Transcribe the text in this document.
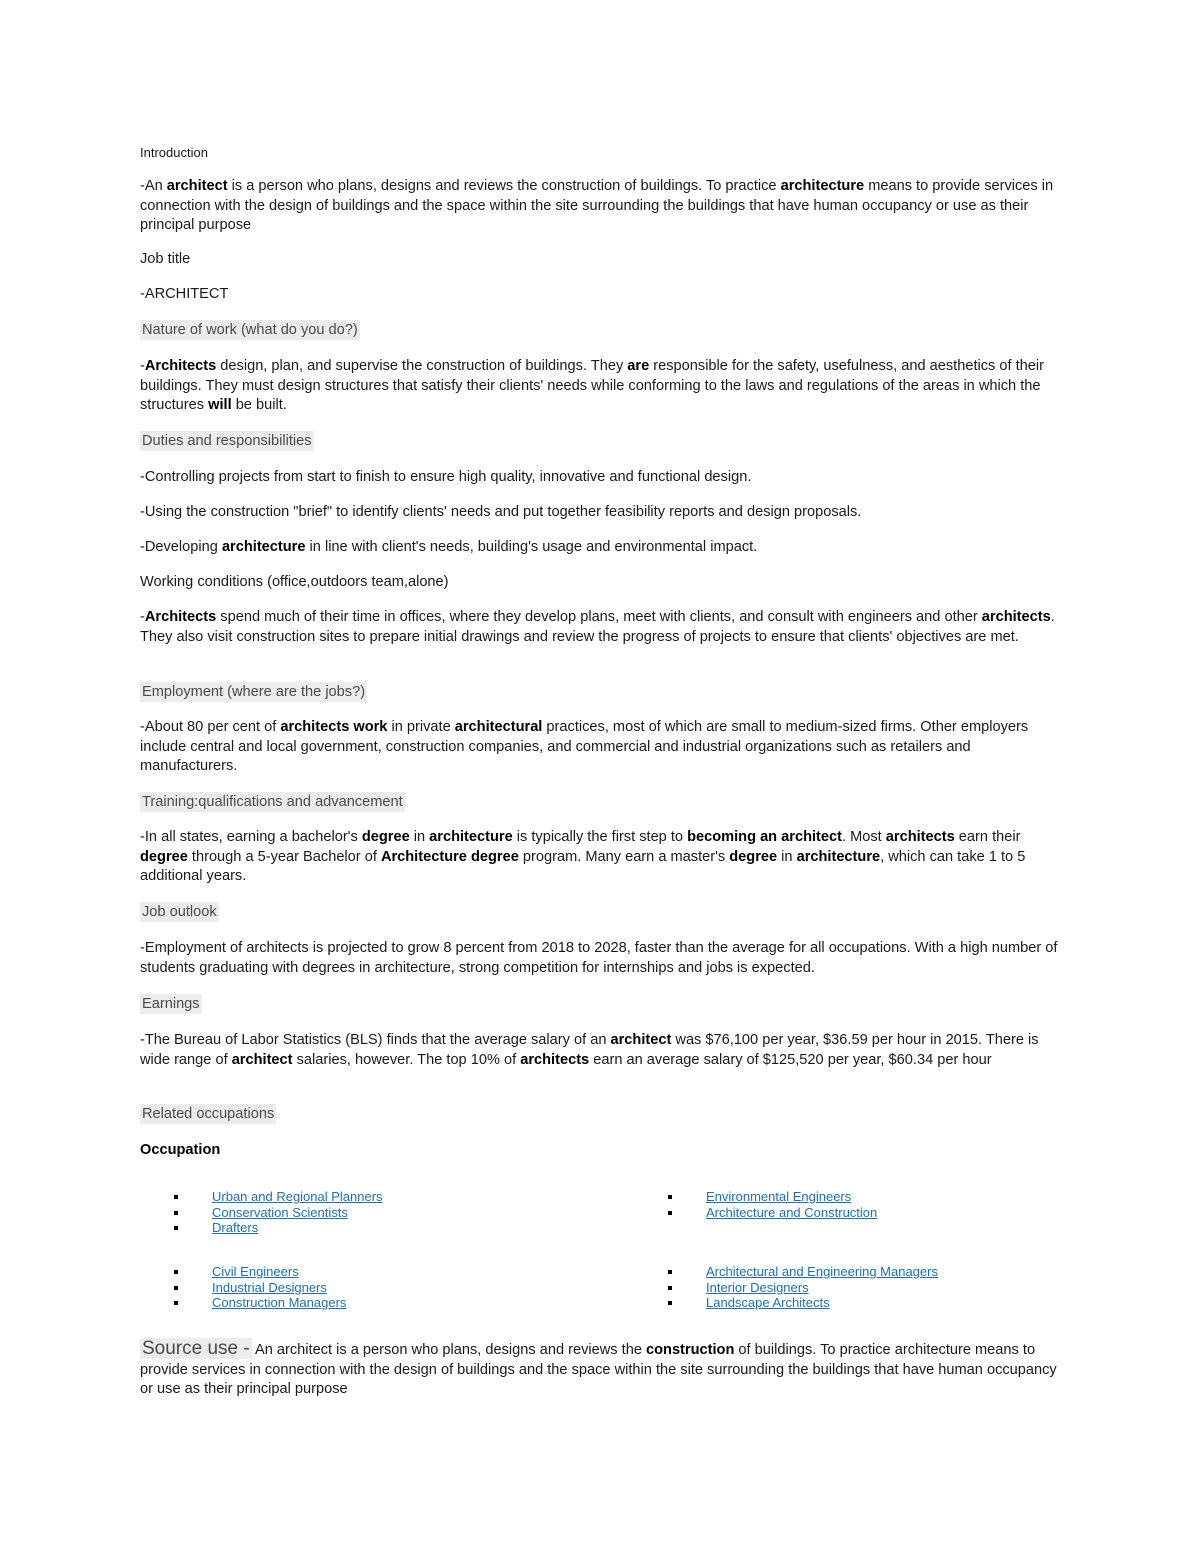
Introduction
-An architect is a person who plans, designs and reviews the construction of buildings. To practice architecture means to provide services in connection with the design of buildings and the space within the site surrounding the buildings that have human occupancy or use as their principal purpose
Job title
-ARCHITECT
Nature of work (what do you do?)
-Architects design, plan, and supervise the construction of buildings. They are responsible for the safety, usefulness, and aesthetics of their buildings. They must design structures that satisfy their clients' needs while conforming to the laws and regulations of the areas in which the structures will be built.
Duties and responsibilities
-Controlling projects from start to finish to ensure high quality, innovative and functional design.
-Using the construction "brief" to identify clients' needs and put together feasibility reports and design proposals.
-Developing architecture in line with client's needs, building's usage and environmental impact.
Working conditions (office,outdoors team,alone)
-Architects spend much of their time in offices, where they develop plans, meet with clients, and consult with engineers and other architects. They also visit construction sites to prepare initial drawings and review the progress of projects to ensure that clients' objectives are met.
Employment (where are the jobs?)
-About 80 per cent of architects work in private architectural practices, most of which are small to medium-sized firms. Other employers include central and local government, construction companies, and commercial and industrial organizations such as retailers and manufacturers.
Training:qualifications and advancement
-In all states, earning a bachelor's degree in architecture is typically the first step to becoming an architect. Most architects earn their degree through a 5-year Bachelor of Architecture degree program. Many earn a master's degree in architecture, which can take 1 to 5 additional years.
Job outlook
-Employment of architects is projected to grow 8 percent from 2018 to 2028, faster than the average for all occupations. With a high number of students graduating with degrees in architecture, strong competition for internships and jobs is expected.
Earnings
-The Bureau of Labor Statistics (BLS) finds that the average salary of an architect was $76,100 per year, $36.59 per hour in 2015. There is wide range of architect salaries, however. The top 10% of architects earn an average salary of $125,520 per year, $60.34 per hour
Related occupations
Occupation
Urban and Regional Planners
Conservation Scientists
Drafters
Environmental Engineers
Architecture and Construction
Civil Engineers
Industrial Designers
Construction Managers
Architectural and Engineering Managers
Interior Designers
Landscape Architects
Source use - An architect is a person who plans, designs and reviews the construction of buildings. To practice architecture means to provide services in connection with the design of buildings and the space within the site surrounding the buildings that have human occupancy or use as their principal purpose
